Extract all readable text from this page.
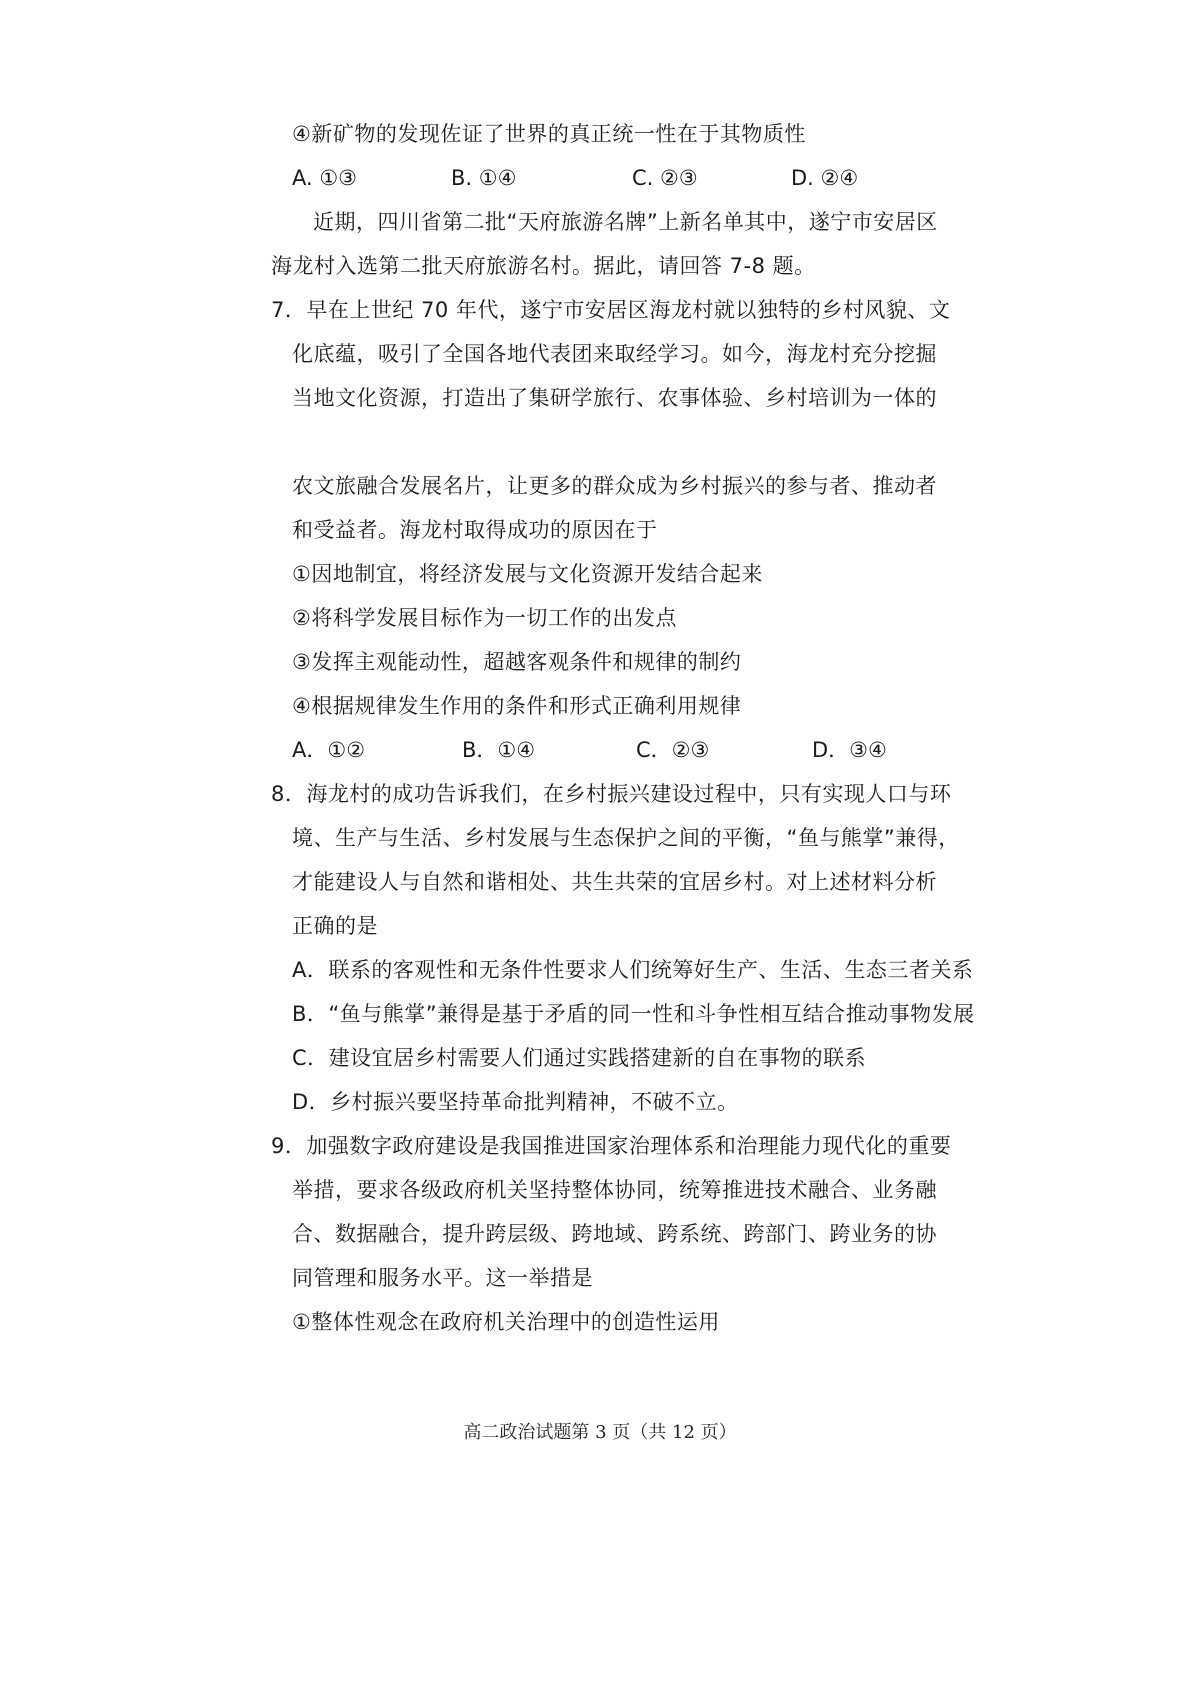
④新矿物的发现佐证了世界的真正统一性在于其物质性
A. ①③	B. ①④	C. ②③	D. ②④
近期，四川省第二批“天府旅游名牌”上新名单其中，遂宁市安居区
海龙村入选第二批天府旅游名村。据此，请回答 7-8 题。
7．早在上世纪 70 年代，遂宁市安居区海龙村就以独特的乡村风貌、文
化底蕴，吸引了全国各地代表团来取经学习。如今，海龙村充分挖掘
当地文化资源，打造出了集研学旅行、农事体验、乡村培训为一体的
农文旅融合发展名片，让更多的群众成为乡村振兴的参与者、推动者
和受益者。海龙村取得成功的原因在于
①因地制宜，将经济发展与文化资源开发结合起来
②将科学发展目标作为一切工作的出发点
③发挥主观能动性，超越客观条件和规律的制约
④根据规律发生作用的条件和形式正确利用规律
A．①②	B．①④	C．②③	D．③④
8．海龙村的成功告诉我们，在乡村振兴建设过程中，只有实现人口与环
境、生产与生活、乡村发展与生态保护之间的平衡，“鱼与熊掌”兼得，
才能建设人与自然和谐相处、共生共荣的宜居乡村。对上述材料分析
正确的是
A．联系的客观性和无条件性要求人们统筹好生产、生活、生态三者关系
B．“鱼与熊掌”兼得是基于矛盾的同一性和斗争性相互结合推动事物发展
C．建设宜居乡村需要人们通过实践搭建新的自在事物的联系
D．乡村振兴要坚持革命批判精神，不破不立。
9．加强数字政府建设是我国推进国家治理体系和治理能力现代化的重要
举措，要求各级政府机关坚持整体协同，统筹推进技术融合、业务融
合、数据融合，提升跨层级、跨地域、跨系统、跨部门、跨业务的协
同管理和服务水平。这一举措是
①整体性观念在政府机关治理中的创造性运用
高二政治试题第 3 页（共 12 页）
